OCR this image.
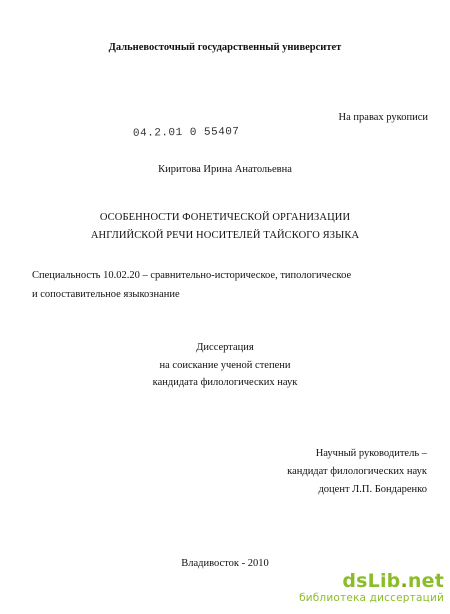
Дальневосточный государственный университет
На правах рукописи
04.2.01 0 55407
Киритова Ирина Анатольевна
ОСОБЕННОСТИ ФОНЕТИЧЕСКОЙ ОРГАНИЗАЦИИ
АНГЛИЙСКОЙ РЕЧИ НОСИТЕЛЕЙ ТАЙСКОГО ЯЗЫКА
Специальность 10.02.20 – сравнительно-историческое, типологическое
и сопоставительное языкознание
Диссертация
на соискание ученой степени
кандидата филологических наук
Научный руководитель –
кандидат филологических наук
доцент Л.П. Бондаренко
Владивосток - 2010
dsLib.net
библиотека диссертаций
